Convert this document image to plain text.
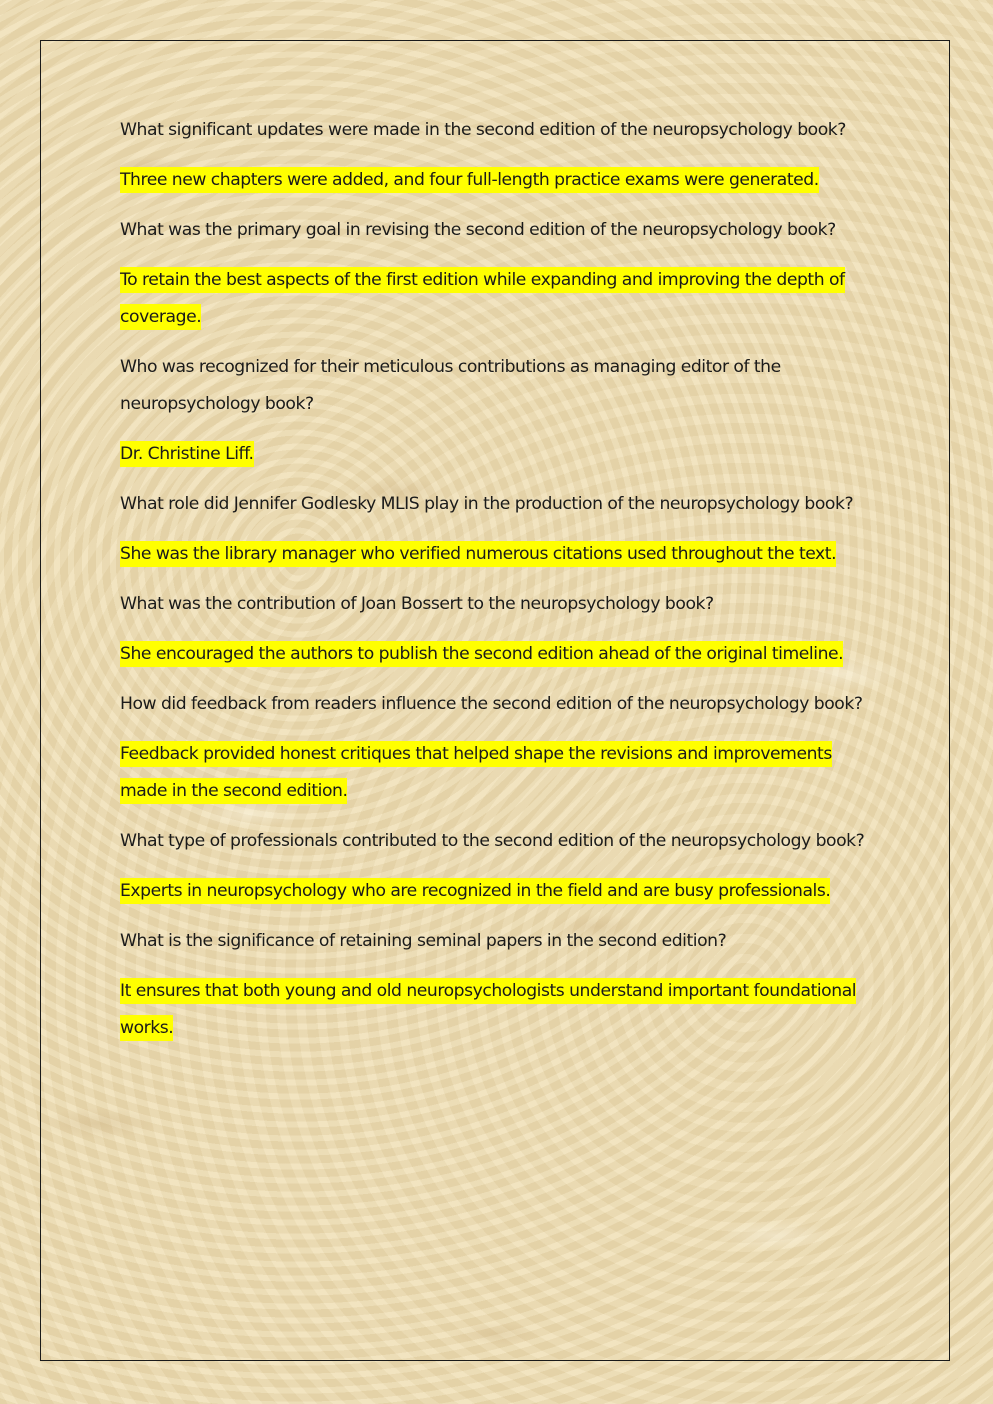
What significant updates were made in the second edition of the neuropsychology book?

Three new chapters were added, and four full-length practice exams were generated.

What was the primary goal in revising the second edition of the neuropsychology book?

To retain the best aspects of the first edition while expanding and improving the depth of coverage.

Who was recognized for their meticulous contributions as managing editor of the neuropsychology book?

Dr. Christine Liff.

What role did Jennifer Godlesky MLIS play in the production of the neuropsychology book?

She was the library manager who verified numerous citations used throughout the text.

What was the contribution of Joan Bossert to the neuropsychology book?

She encouraged the authors to publish the second edition ahead of the original timeline.

How did feedback from readers influence the second edition of the neuropsychology book?

Feedback provided honest critiques that helped shape the revisions and improvements made in the second edition.

What type of professionals contributed to the second edition of the neuropsychology book?

Experts in neuropsychology who are recognized in the field and are busy professionals.

What is the significance of retaining seminal papers in the second edition?

It ensures that both young and old neuropsychologists understand important foundational works.
